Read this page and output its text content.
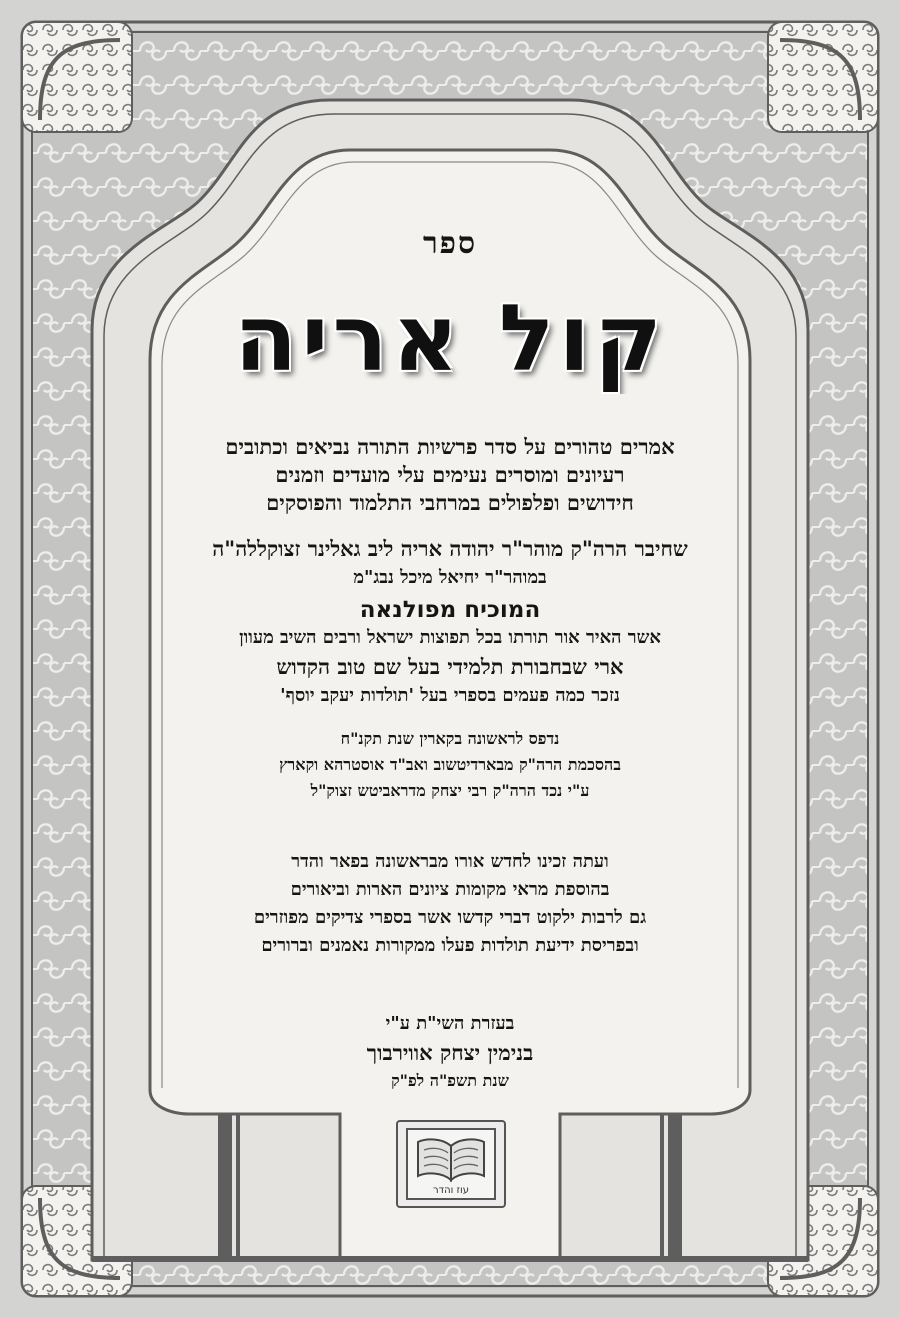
ספר

קול אריה

אמרים טהורים על סדר פרשיות התורה נביאים וכתובים

רעיונים ומוסרים נעימים עלי מועדים וזמנים

חידושים ופלפולים במרחבי התלמוד והפוסקים

שחיבר הרה"ק מוהר"ר יהודה אריה ליב גאלינר זצוקללה"ה

במוהר"ר יחיאל מיכל נבג"מ

המוכיח מפולנאה

אשר האיר אור תורתו בכל תפוצות ישראל ורבים השיב מעוון

ארי שבחבורת תלמידי בעל שם טוב הקדוש

נזכר כמה פעמים בספרי בעל 'תולדות יעקב יוסף'

נדפס לראשונה בקארין שנת תקנ"ח

בהסכמת הרה"ק מבארדיטשוב ואב"ד אוסטרהא וקארץ

ע"י נכד הרה"ק רבי יצחק מדראביטש זצוק"ל

ועתה זכינו לחדש אורו מבראשונה בפאר והדר

בהוספת מראי מקומות ציונים הארות וביאורים

גם לרבות ילקוט דברי קדשו אשר בספרי צדיקים מפוזרים

ובפריסת ידיעת תולדות פעלו ממקורות נאמנים וברורים

בעזרת השי"ת ע"י

בנימין יצחק אווירבוך

שנת תשפ"ה לפ"ק

עוז והדר
